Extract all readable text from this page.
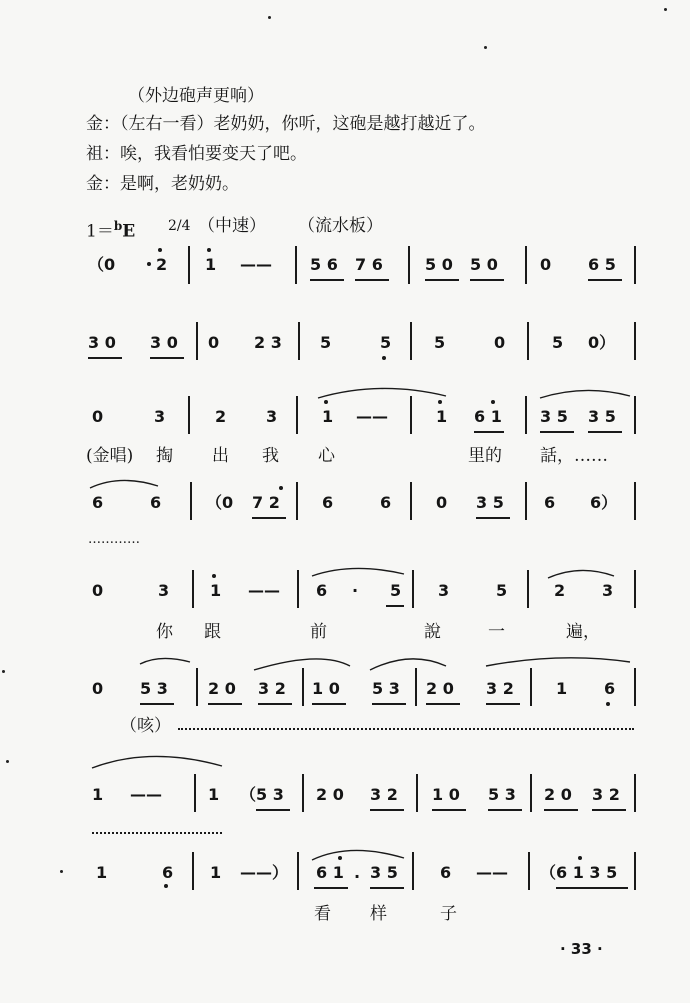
（外边砲声更响）
金：（左右一看）老奶奶，你听，这砲是越打越近了。
祖：唉，我看怕要变天了吧。
金：是啊，老奶奶。
1＝$^b$E 2/4 （中速） （流水板）
（0	2 1 —— 5 6 7 6	5 0 5 0	0 6 5
3 0 3 0 0 2 3 5	5	5	0	5 0）
0	3	2 3	1 ——	1 6 1 3 5 3 5
(金唱) 掏 出 我 心	里的 話，……
6	6	（0 7 2	6	6	0 3 5	6 6）
…………
0	3	1 —— 6 · 5 3	5	2 3
你 跟	前	說	一	遍，
0 5 3	2 0 3 2 1 0 5 3 2 0 3 2	1 6
（咳）
1 ——	1 （5 3 2 0 3 2 1 0 5 3 2 0 3 2
1	6 1 ——） 6 1 . 3 5	6 —— （6 1 3 5
看 样	子
· 33 ·
